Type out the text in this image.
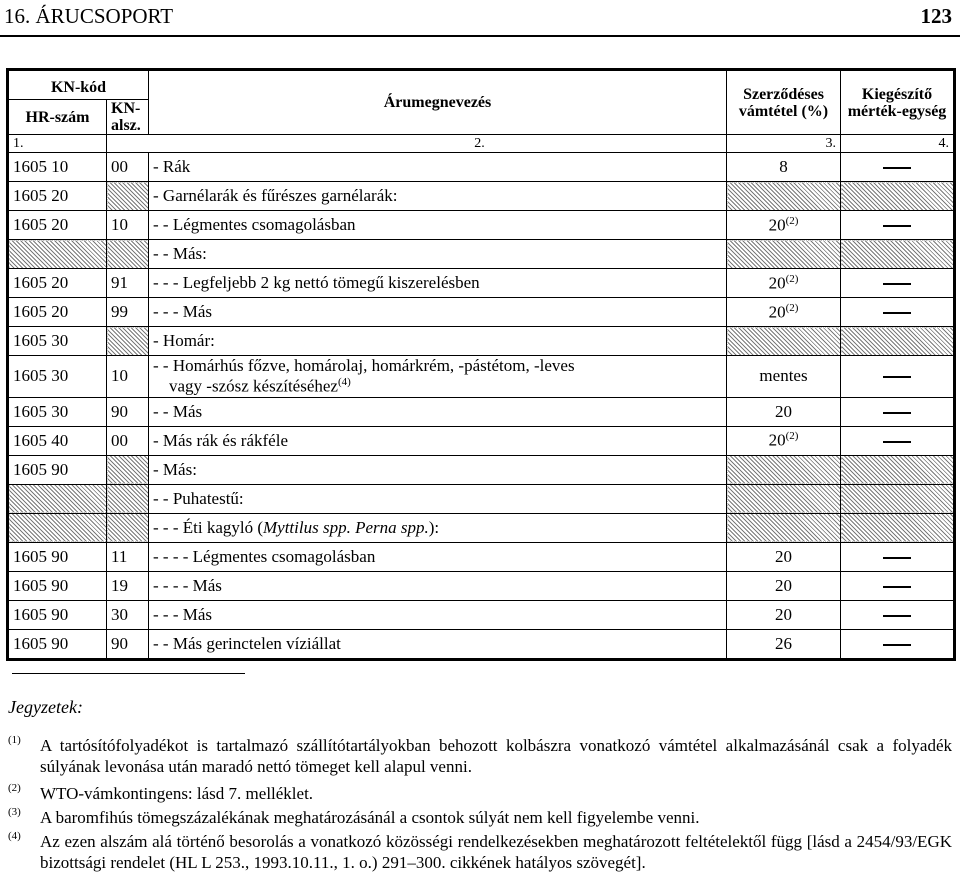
16. ÁRUCSOPORT	123
KN-kód		Árumegnevezés	Szerződéses vámtétel (%)	Kiegészítő mérték-egység
HR-szám	KN-alsz.			
1.	2.		3.	4.
1605 10	00	- Rák	8	
1605 20		- Garnélarák és fűrészes garnélarák:		
1605 20	10	- - Légmentes csomagolásban	20$^{(2)}$	
		- - Más:		
1605 20	91	- - - Legfeljebb 2 kg nettó tömegű kiszerelésben	20$^{(2)}$	
1605 20	99	- - - Más	20$^{(2)}$	
1605 30		- Homár:		
1605 30	10	- - Homárhús főzve, homárolaj, homárkrém, -pástétom, -leves
vagy -szósz készítéséhez$^{(4)}$	mentes	
1605 30	90	- - Más	20	
1605 40	00	- Más rák és rákféle	20$^{(2)}$	
1605 90		- Más:		
		- - Puhatestű:		
		- - - Éti kagyló (Myttilus spp. Perna spp.):		
1605 90	11	- - - - Légmentes csomagolásban	20	
1605 90	19	- - - - Más	20	
1605 90	30	- - - Más	20	
1605 90	90	- - Más gerinctelen víziállat	26	
Jegyzetek:
(1) A tartósítófolyadékot is tartalmazó szállítótartályokban behozott kolbászra vonatkozó vámtétel alkalmazásánál csak a folyadék súlyának levonása után maradó nettó tömeget kell alapul venni.
(2) WTO-vámkontingens: lásd 7. melléklet.
(3) A baromfihús tömegszázalékának meghatározásánál a csontok súlyát nem kell figyelembe venni.
(4) Az ezen alszám alá történő besorolás a vonatkozó közösségi rendelkezésekben meghatározott feltételektől függ [lásd a 2454/93/EGK bizottsági rendelet (HL L 253., 1993.10.11., 1. o.) 291–300. cikkének hatályos szövegét].
